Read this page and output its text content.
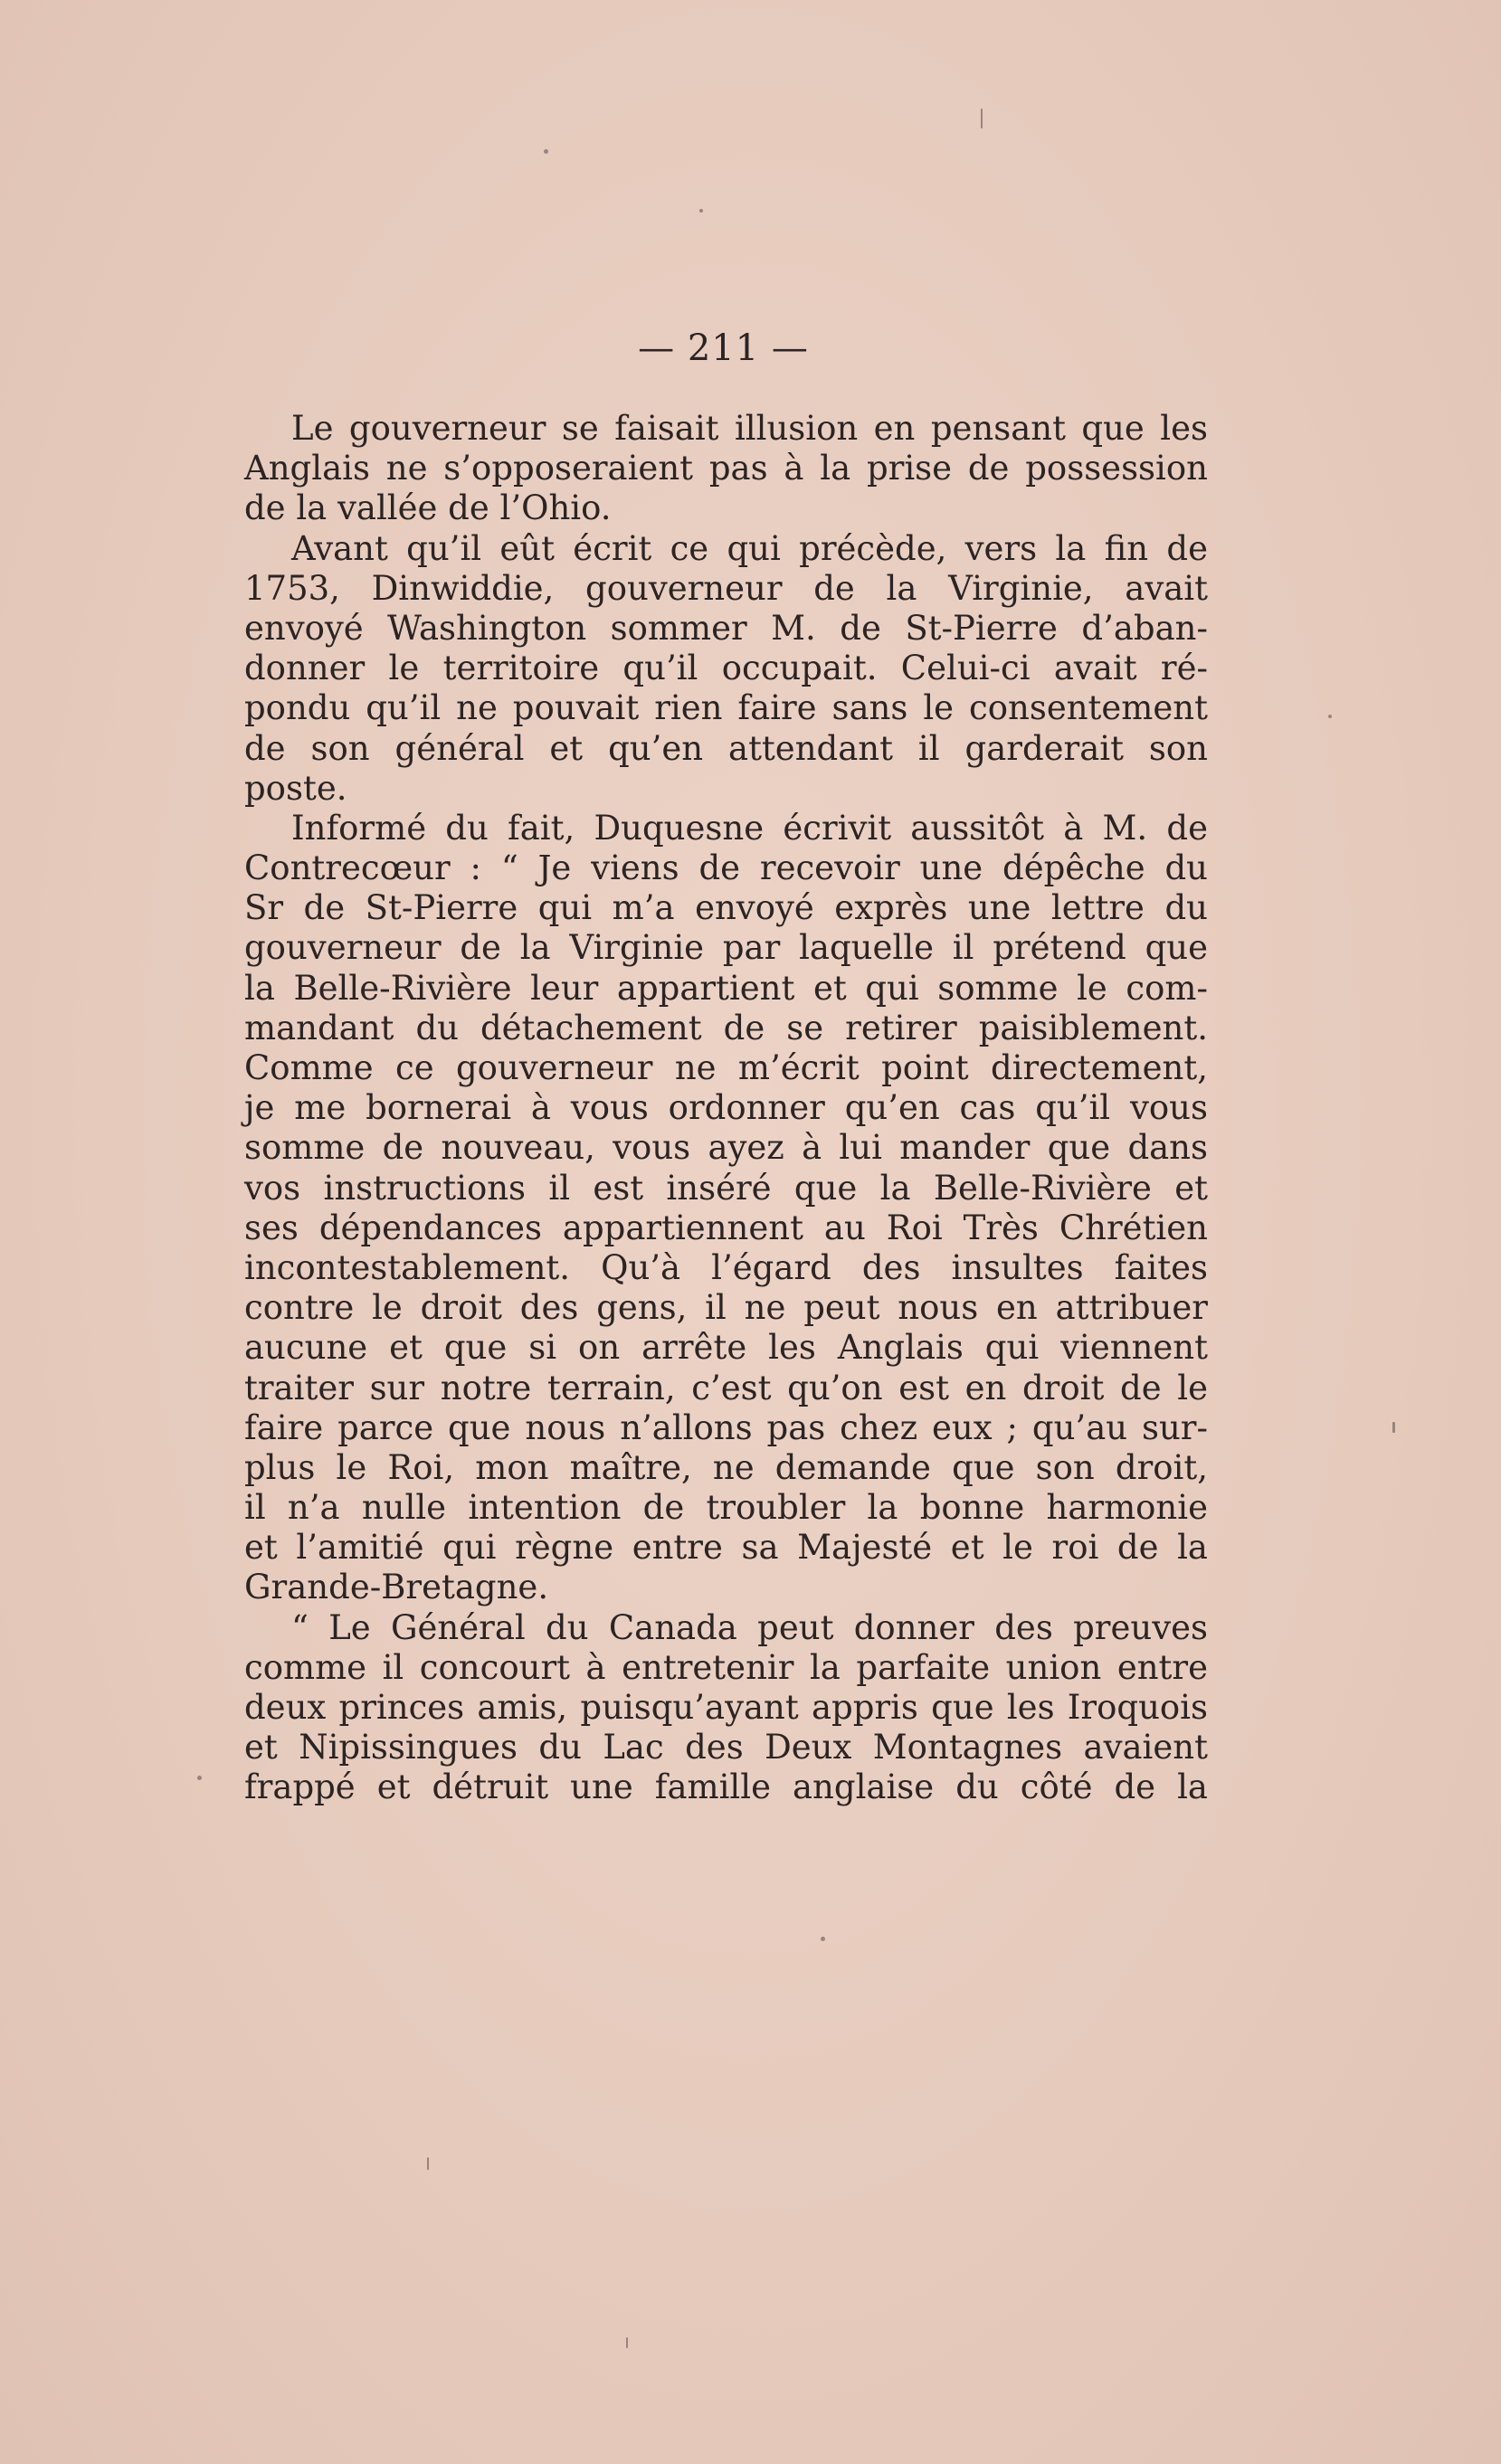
— 211 —
Le gouverneur se faisait illusion en pensant que les
Anglais ne s’opposeraient pas à la prise de possession
de la vallée de l’Ohio.
Avant qu’il eût écrit ce qui précède, vers la fin de
1753, Dinwiddie, gouverneur de la Virginie, avait
envoyé Washington sommer M. de St-Pierre d’aban-
donner le territoire qu’il occupait. Celui-ci avait ré-
pondu qu’il ne pouvait rien faire sans le consentement
de son général et qu’en attendant il garderait son
poste.
Informé du fait, Duquesne écrivit aussitôt à M. de
Contrecœur : “ Je viens de recevoir une dépêche du
Sr de St-Pierre qui m’a envoyé exprès une lettre du
gouverneur de la Virginie par laquelle il prétend que
la Belle-Rivière leur appartient et qui somme le com-
mandant du détachement de se retirer paisiblement.
Comme ce gouverneur ne m’écrit point directement,
je me bornerai à vous ordonner qu’en cas qu’il vous
somme de nouveau, vous ayez à lui mander que dans
vos instructions il est inséré que la Belle-Rivière et
ses dépendances appartiennent au Roi Très Chrétien
incontestablement. Qu’à l’égard des insultes faites
contre le droit des gens, il ne peut nous en attribuer
aucune et que si on arrête les Anglais qui viennent
traiter sur notre terrain, c’est qu’on est en droit de le
faire parce que nous n’allons pas chez eux ; qu’au sur-
plus le Roi, mon maître, ne demande que son droit,
il n’a nulle intention de troubler la bonne harmonie
et l’amitié qui règne entre sa Majesté et le roi de la
Grande-Bretagne.
“ Le Général du Canada peut donner des preuves
comme il concourt à entretenir la parfaite union entre
deux princes amis, puisqu’ayant appris que les Iroquois
et Nipissingues du Lac des Deux Montagnes avaient
frappé et détruit une famille anglaise du côté de la
